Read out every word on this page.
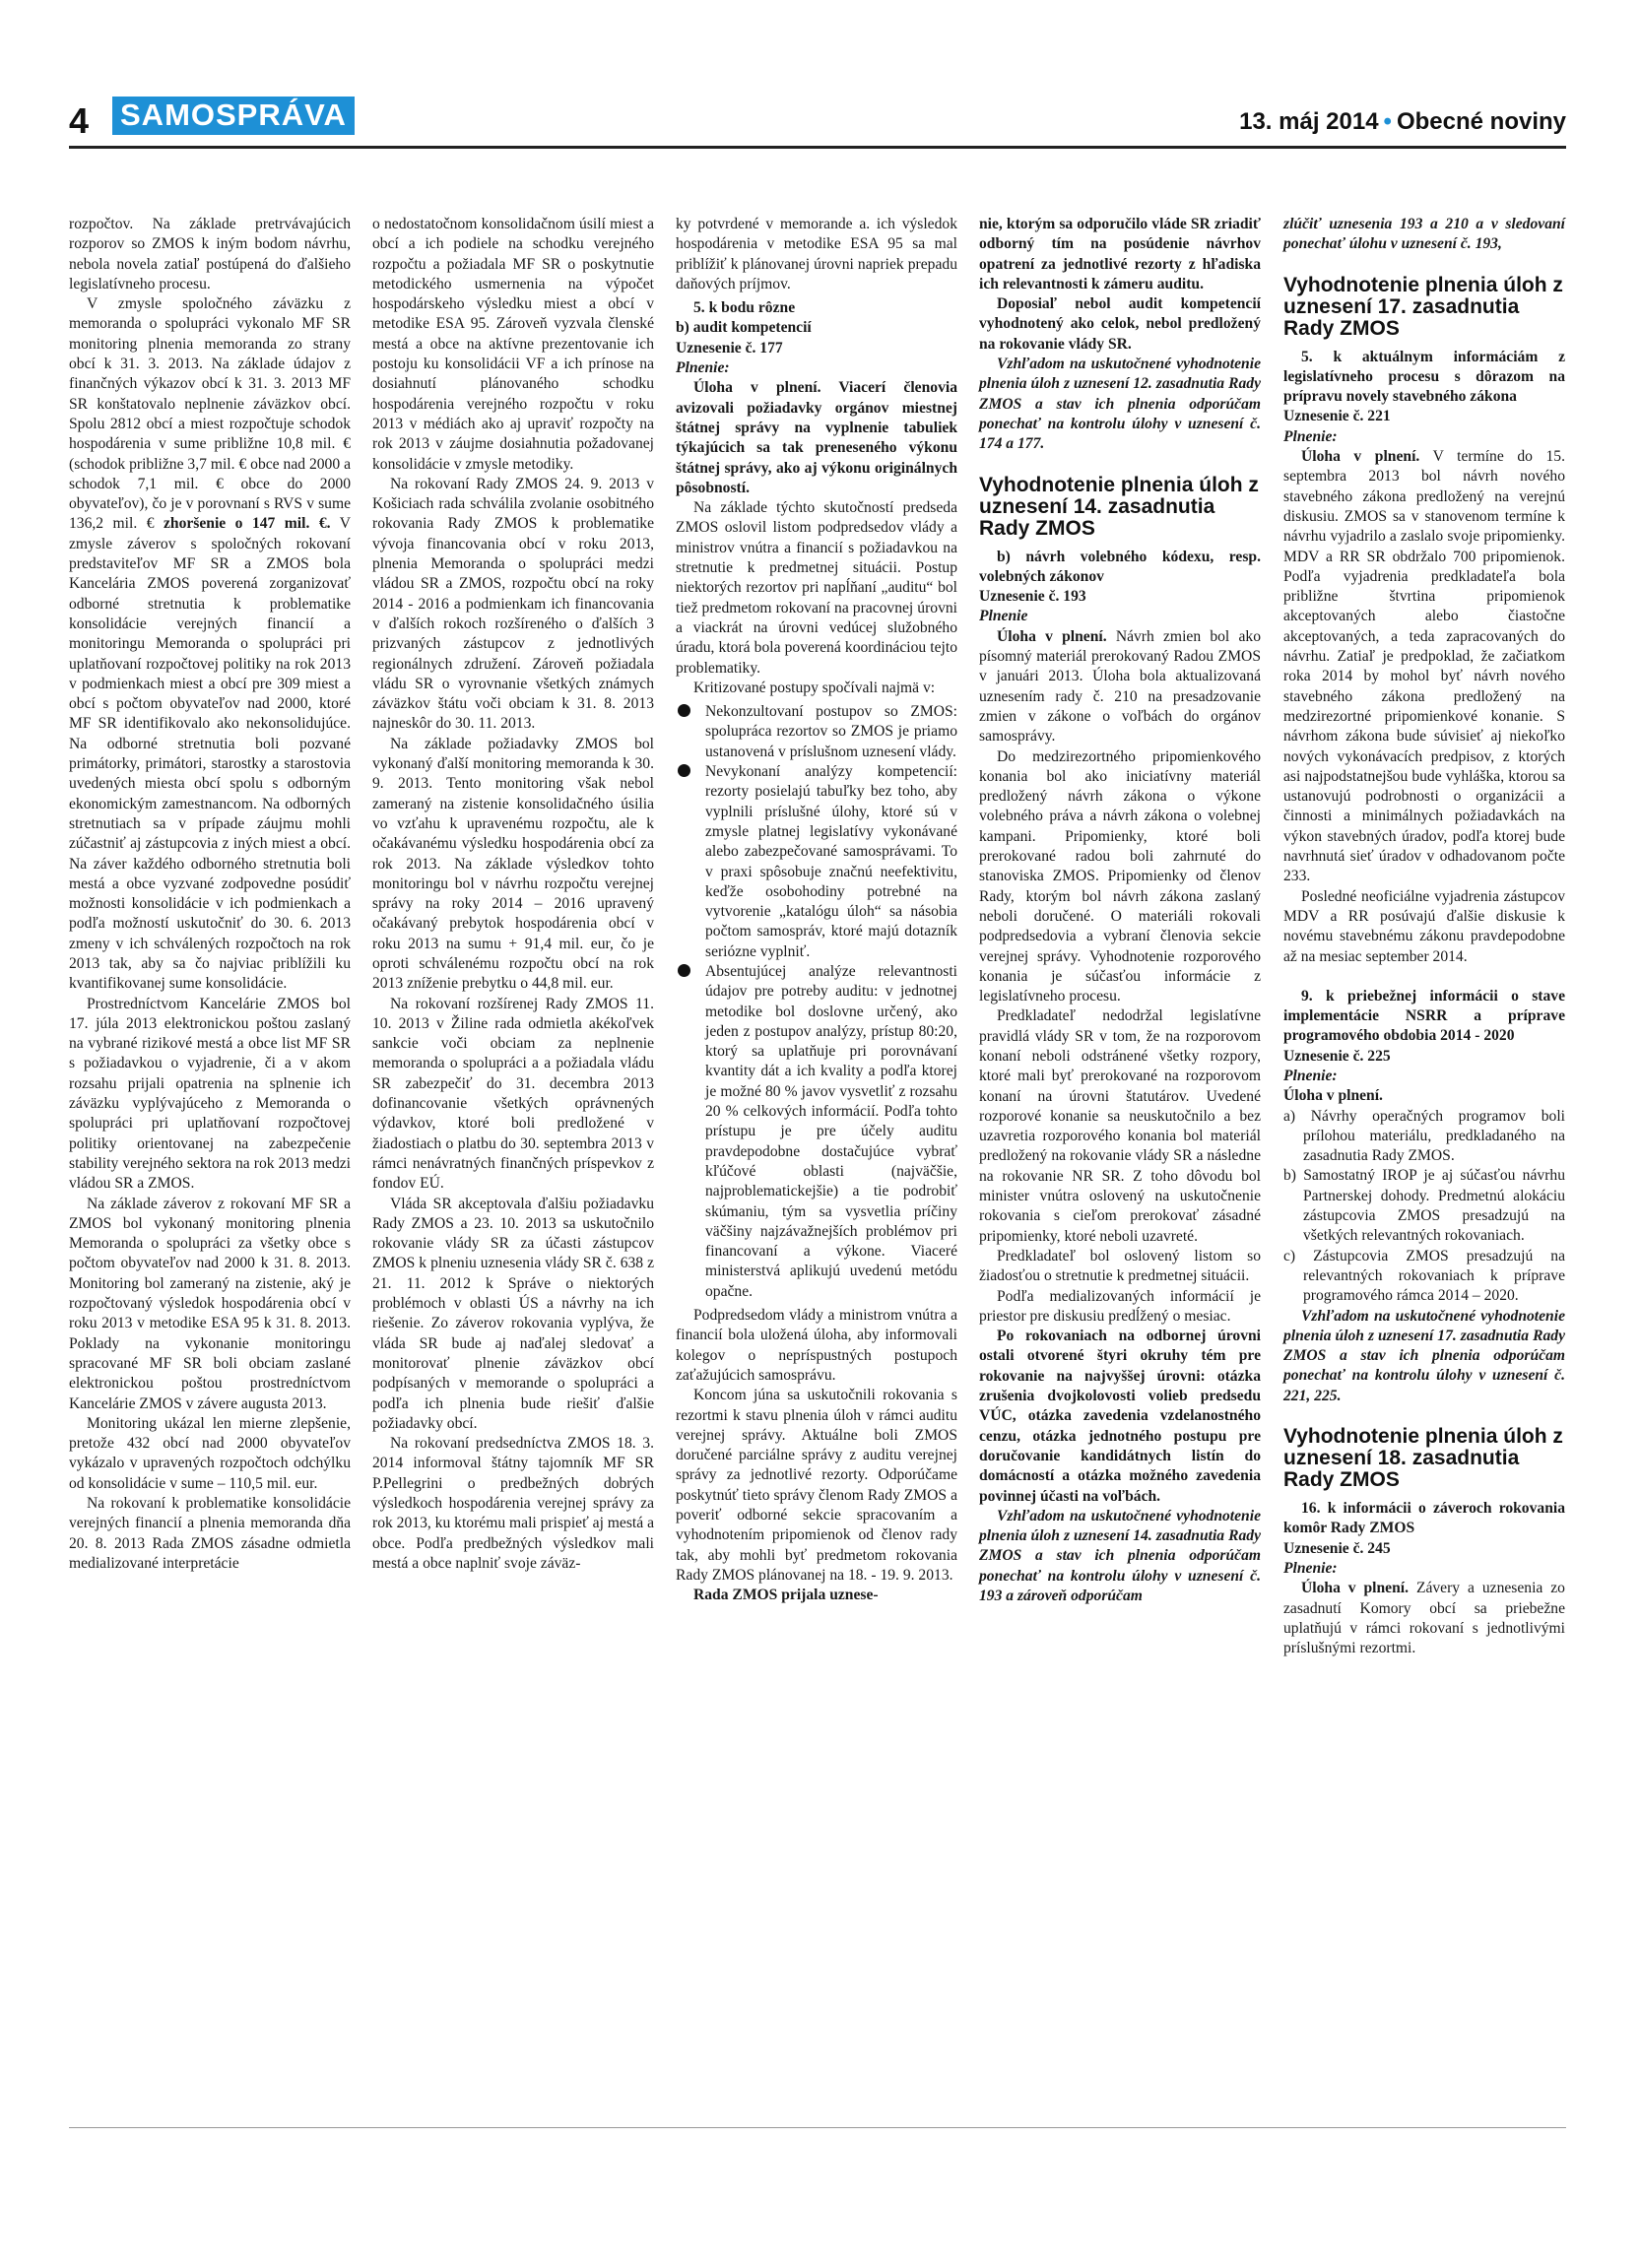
4 SAMOSPRÁVA	13. máj 2014 • Obecné noviny

rozpočtov. Na základe pretrvávajúcich rozporov so ZMOS k iným bodom návrhu, nebola novela zatiaľ postúpená do ďalšieho legislatívneho procesu.

V zmysle spoločného záväzku z memoranda o spolupráci vykonalo MF SR monitoring plnenia memoranda zo strany obcí k 31. 3. 2013. Na základe údajov z finančných výkazov obcí k 31. 3. 2013 MF SR konštatovalo neplnenie záväzkov obcí. Spolu 2812 obcí a miest rozpočtuje schodok hospodárenia v sume približne 10,8 mil. € (schodok približne 3,7 mil. € obce nad 2000 a schodok 7,1 mil. € obce do 2000 obyvateľov), čo je v porovnaní s RVS v sume 136,2 mil. € zhoršenie o 147 mil. €. V zmysle záverov s spoločných rokovaní predstaviteľov MF SR a ZMOS bola Kancelária ZMOS poverená zorganizovať odborné stretnutia k problematike konsolidácie verejných financií a monitoringu Memoranda o spolupráci pri uplatňovaní rozpočtovej politiky na rok 2013 v podmienkach miest a obcí pre 309 miest a obcí s počtom obyvateľov nad 2000, ktoré MF SR identifikovalo ako nekonsolidujúce. Na odborné stretnutia boli pozvané primátorky, primátori, starostky a starostovia uvedených miesta obcí spolu s odborným ekonomickým zamestnancom. Na odborných stretnutiach sa v prípade záujmu mohli zúčastniť aj zástupcovia z iných miest a obcí. Na záver každého odborného stretnutia boli mestá a obce vyzvané zodpovedne posúdiť možnosti konsolidácie v ich podmienkach a podľa možností uskutočniť do 30. 6. 2013 zmeny v ich schválených rozpočtoch na rok 2013 tak, aby sa čo najviac priblížili ku kvantifikovanej sume konsolidácie.

Prostredníctvom Kancelárie ZMOS bol 17. júla 2013 elektronickou poštou zaslaný na vybrané rizikové mestá a obce list MF SR s požiadavkou o vyjadrenie, či a v akom rozsahu prijali opatrenia na splnenie ich záväzku vyplývajúceho z Memoranda o spolupráci pri uplatňovaní rozpočtovej politiky orientovanej na zabezpečenie stability verejného sektora na rok 2013 medzi vládou SR a ZMOS.

Na základe záverov z rokovaní MF SR a ZMOS bol vykonaný monitoring plnenia Memoranda o spolupráci za všetky obce s počtom obyvateľov nad 2000 k 31. 8. 2013. Monitoring bol zameraný na zistenie, aký je rozpočtovaný výsledok hospodárenia obcí v roku 2013 v metodike ESA 95 k 31. 8. 2013. Poklady na vykonanie monitoringu spracované MF SR boli obciam zaslané elektronickou poštou prostredníctvom Kancelárie ZMOS v závere augusta 2013.

Monitoring ukázal len mierne zlepšenie, pretože 432 obcí nad 2000 obyvateľov vykázalo v upravených rozpočtoch odchýlku od konsolidácie v sume – 110,5 mil. eur.

Na rokovaní k problematike konsolidácie verejných financií a plnenia memoranda dňa 20. 8. 2013 Rada ZMOS zásadne odmietla medializované interpretácie

o nedostatočnom konsolidačnom úsilí miest a obcí a ich podiele na schodku verejného rozpočtu a požiadala MF SR o poskytnutie metodického usmernenia na výpočet hospodárskeho výsledku miest a obcí v metodike ESA 95. Zároveň vyzvala členské mestá a obce na aktívne prezentovanie ich postoju ku konsolidácii VF a ich prínose na dosiahnutí plánovaného schodku hospodárenia verejného rozpočtu v roku 2013 v médiách ako aj upraviť rozpočty na rok 2013 v záujme dosiahnutia požadovanej konsolidácie v zmysle metodiky.

Na rokovaní Rady ZMOS 24. 9. 2013 v Košiciach rada schválila zvolanie osobitného rokovania Rady ZMOS k problematike vývoja financovania obcí v roku 2013, plnenia Memoranda o spolupráci medzi vládou SR a ZMOS, rozpočtu obcí na roky 2014 - 2016 a podmienkam ich financovania v ďalších rokoch rozšíreného o ďalších 3 prizvaných zástupcov z jednotlivých regionálnych združení. Zároveň požiadala vládu SR o vyrovnanie všetkých známych záväzkov štátu voči obciam k 31. 8. 2013 najneskôr do 30. 11. 2013.

Na základe požiadavky ZMOS bol vykonaný ďalší monitoring memoranda k 30. 9. 2013. Tento monitoring však nebol zameraný na zistenie konsolidačného úsilia vo vzťahu k upravenému rozpočtu, ale k očakávanému výsledku hospodárenia obcí za rok 2013. Na základe výsledkov tohto monitoringu bol v návrhu rozpočtu verejnej správy na roky 2014 – 2016 upravený očakávaný prebytok hospodárenia obcí v roku 2013 na sumu + 91,4 mil. eur, čo je oproti schválenému rozpočtu obcí na rok 2013 zníženie prebytku o 44,8 mil. eur.

Na rokovaní rozšírenej Rady ZMOS 11. 10. 2013 v Žiline rada odmietla akékoľvek sankcie voči obciam za neplnenie memoranda o spolupráci a a požiadala vládu SR zabezpečiť do 31. decembra 2013 dofinancovanie všetkých oprávnených výdavkov, ktoré boli predložené v žiadostiach o platbu do 30. septembra 2013 v rámci nenávratných finančných príspevkov z fondov EÚ.

Vláda SR akceptovala ďalšiu požiadavku Rady ZMOS a 23. 10. 2013 sa uskutočnilo rokovanie vlády SR za účasti zástupcov ZMOS k plneniu uznesenia vlády SR č. 638 z 21. 11. 2012 k Správe o niektorých problémoch v oblasti ÚS a návrhy na ich riešenie. Zo záverov rokovania vyplýva, že vláda SR bude aj naďalej sledovať a monitorovať plnenie záväzkov obcí podpísaných v memorande o spolupráci a podľa ich plnenia bude riešiť ďalšie požiadavky obcí.

Na rokovaní predsedníctva ZMOS 18. 3. 2014 informoval štátny tajomník MF SR P.Pellegrini o predbežných dobrých výsledkoch hospodárenia verejnej správy za rok 2013, ku ktorému mali prispieť aj mestá a obce. Podľa predbežných výsledkov mali mestá a obce naplniť svoje záväz-

ky potvrdené v memorande a. ich výsledok hospodárenia v metodike ESA 95 sa mal priblížiť k plánovanej úrovni napriek prepadu daňových príjmov.

5. k bodu rôzne

b) audit kompetencií

Uznesenie č. 177

Plnenie:

Úloha v plnení. Viacerí členovia avizovali požiadavky orgánov miestnej štátnej správy na vyplnenie tabuliek týkajúcich sa tak preneseného výkonu štátnej správy, ako aj výkonu originálnych pôsobností.

Na základe týchto skutočností predseda ZMOS oslovil listom podpredsedov vlády a ministrov vnútra a financií s požiadavkou na stretnutie k predmetnej situácii. Postup niektorých rezortov pri napĺňaní „auditu“ bol tiež predmetom rokovaní na pracovnej úrovni a viackrát na úrovni vedúcej služobného úradu, ktorá bola poverená koordináciou tejto problematiky.

Kritizované postupy spočívali najmä v:

Nekonzultovaní postupov so ZMOS: spolupráca rezortov so ZMOS je priamo ustanovená v príslušnom uznesení vlády.
Nevykonaní analýzy kompetencií: rezorty posielajú tabuľky bez toho, aby vyplnili príslušné úlohy, ktoré sú v zmysle platnej legislatívy vykonávané alebo zabezpečované samosprávami. To v praxi spôsobuje značnú neefektivitu, keďže osobohodiny potrebné na vytvorenie „katalógu úloh“ sa násobia počtom samospráv, ktoré majú dotazník seriózne vyplniť.
Absentujúcej analýze relevantnosti údajov pre potreby auditu: v jednotnej metodike bol doslovne určený, ako jeden z postupov analýzy, prístup 80:20, ktorý sa uplatňuje pri porovnávaní kvantity dát a ich kvality a podľa ktorej je možné 80 % javov vysvetliť z rozsahu 20 % celkových informácií. Podľa tohto prístupu je pre účely auditu pravdepodobne dostačujúce vybrať kľúčové oblasti (najväčšie, najproblematickejšie) a tie podrobiť skúmaniu, tým sa vysvetlia príčiny väčšiny najzávažnejších problémov pri financovaní a výkone. Viaceré ministerstvá aplikujú uvedenú metódu opačne.

Podpredsedom vlády a ministrom vnútra a financií bola uložená úloha, aby informovali kolegov o nepríspustných postupoch zaťažujúcich samosprávu.

Koncom júna sa uskutočnili rokovania s rezortmi k stavu plnenia úloh v rámci auditu verejnej správy. Aktuálne boli ZMOS doručené parciálne správy z auditu verejnej správy za jednotlivé rezorty. Odporúčame poskytnúť tieto správy členom Rady ZMOS a poveriť odborné sekcie spracovaním a vyhodnotením pripomienok od členov rady tak, aby mohli byť predmetom rokovania Rady ZMOS plánovanej na 18. - 19. 9. 2013.

Rada ZMOS prijala uznese-

nie, ktorým sa odporučilo vláde SR zriadiť odborný tím na posúdenie návrhov opatrení za jednotlivé rezorty z hľadiska ich relevantnosti k zámeru auditu.

Doposiaľ nebol audit kompetencií vyhodnotený ako celok, nebol predložený na rokovanie vlády SR.

Vzhľadom na uskutočnené vyhodnotenie plnenia úloh z uznesení 12. zasadnutia Rady ZMOS a stav ich plnenia odporúčam ponechať na kontrolu úlohy v uznesení č. 174 a 177.

Vyhodnotenie plnenia úloh z uznesení 14. zasadnutia Rady ZMOS

b) návrh volebného kódexu, resp. volebných zákonov

Uznesenie č. 193

Plnenie

Úloha v plnení. Návrh zmien bol ako písomný materiál prerokovaný Radou ZMOS v januári 2013. Úloha bola aktualizovaná uznesením rady č. 210 na presadzovanie zmien v zákone o voľbách do orgánov samosprávy.

Do medzirezortného pripomienkového konania bol ako iniciatívny materiál predložený návrh zákona o výkone volebného práva a návrh zákona o volebnej kampani. Pripomienky, ktoré boli prerokované radou boli zahrnuté do stanoviska ZMOS. Pripomienky od členov Rady, ktorým bol návrh zákona zaslaný neboli doručené. O materiáli rokovali podpredsedovia a vybraní členovia sekcie verejnej správy. Vyhodnotenie rozporového konania je súčasťou informácie z legislatívneho procesu.

Predkladateľ nedodržal legislatívne pravidlá vlády SR v tom, že na rozporovom konaní neboli odstránené všetky rozpory, ktoré mali byť prerokované na rozporovom konaní na úrovni štatutárov. Uvedené rozporové konanie sa neuskutočnilo a bez uzavretia rozporového konania bol materiál predložený na rokovanie vlády SR a následne na rokovanie NR SR. Z toho dôvodu bol minister vnútra oslovený na uskutočnenie rokovania s cieľom prerokovať zásadné pripomienky, ktoré neboli uzavreté.

Predkladateľ bol oslovený listom so žiadosťou o stretnutie k predmetnej situácii.

Podľa medializovaných informácií je priestor pre diskusiu predĺžený o mesiac.

Po rokovaniach na odbornej úrovni ostali otvorené štyri okruhy tém pre rokovanie na najvyššej úrovni: otázka zrušenia dvojkolovosti volieb predsedu VÚC, otázka zavedenia vzdelanostného cenzu, otázka jednotného postupu pre doručovanie kandidátnych listín do domácností a otázka možného zavedenia povinnej účasti na voľbách.

Vzhľadom na uskutočnené vyhodnotenie plnenia úloh z uznesení 14. zasadnutia Rady ZMOS a stav ich plnenia odporúčam ponechať na kontrolu úlohy v uznesení č. 193 a zároveň odporúčam

zlúčiť uznesenia 193 a 210 a v sledovaní ponechať úlohu v uznesení č. 193,

Vyhodnotenie plnenia úloh z uznesení 17. zasadnutia Rady ZMOS

5. k aktuálnym informáciám z legislatívneho procesu s dôrazom na prípravu novely stavebného zákona

Uznesenie č. 221

Plnenie:

Úloha v plnení. V termíne do 15. septembra 2013 bol návrh nového stavebného zákona predložený na verejnú diskusiu. ZMOS sa v stanovenom termíne k návrhu vyjadrilo a zaslalo svoje pripomienky. MDV a RR SR obdržalo 700 pripomienok. Podľa vyjadrenia predkladateľa bola približne štvrtina pripomienok akceptovaných alebo čiastočne akceptovaných, a teda zapracovaných do návrhu. Zatiaľ je predpoklad, že začiatkom roka 2014 by mohol byť návrh nového stavebného zákona predložený na medzirezortné pripomienkové konanie. S návrhom zákona bude súvisieť aj niekoľko nových vykonávacích predpisov, z ktorých asi najpodstatnejšou bude vyhláška, ktorou sa ustanovujú podrobnosti o organizácii a činnosti a minimálnych požiadavkách na výkon stavebných úradov, podľa ktorej bude navrhnutá sieť úradov v odhadovanom počte 233.

Posledné neoficiálne vyjadrenia zástupcov MDV a RR posúvajú ďalšie diskusie k novému stavebnému zákonu pravdepodobne až na mesiac september 2014.

9. k priebežnej informácii o stave implementácie NSRR a príprave programového obdobia 2014 - 2020

Uznesenie č. 225

Plnenie:

Úloha v plnení.

a) Návrhy operačných programov boli prílohou materiálu, predkladaného na zasadnutia Rady ZMOS.

b) Samostatný IROP je aj súčasťou návrhu Partnerskej dohody. Predmetnú alokáciu zástupcovia ZMOS presadzujú na všetkých relevantných rokovaniach.

c) Zástupcovia ZMOS presadzujú na relevantných rokovaniach k príprave programového rámca 2014 – 2020.

Vzhľadom na uskutočnené vyhodnotenie plnenia úloh z uznesení 17. zasadnutia Rady ZMOS a stav ich plnenia odporúčam ponechať na kontrolu úlohy v uznesení č. 221, 225.

Vyhodnotenie plnenia úloh z uznesení 18. zasadnutia Rady ZMOS

16. k informácii o záveroch rokovania komôr Rady ZMOS

Uznesenie č. 245

Plnenie:

Úloha v plnení. Závery a uznesenia zo zasadnutí Komory obcí sa priebežne uplatňujú v rámci rokovaní s jednotlivými príslušnými rezortmi.
